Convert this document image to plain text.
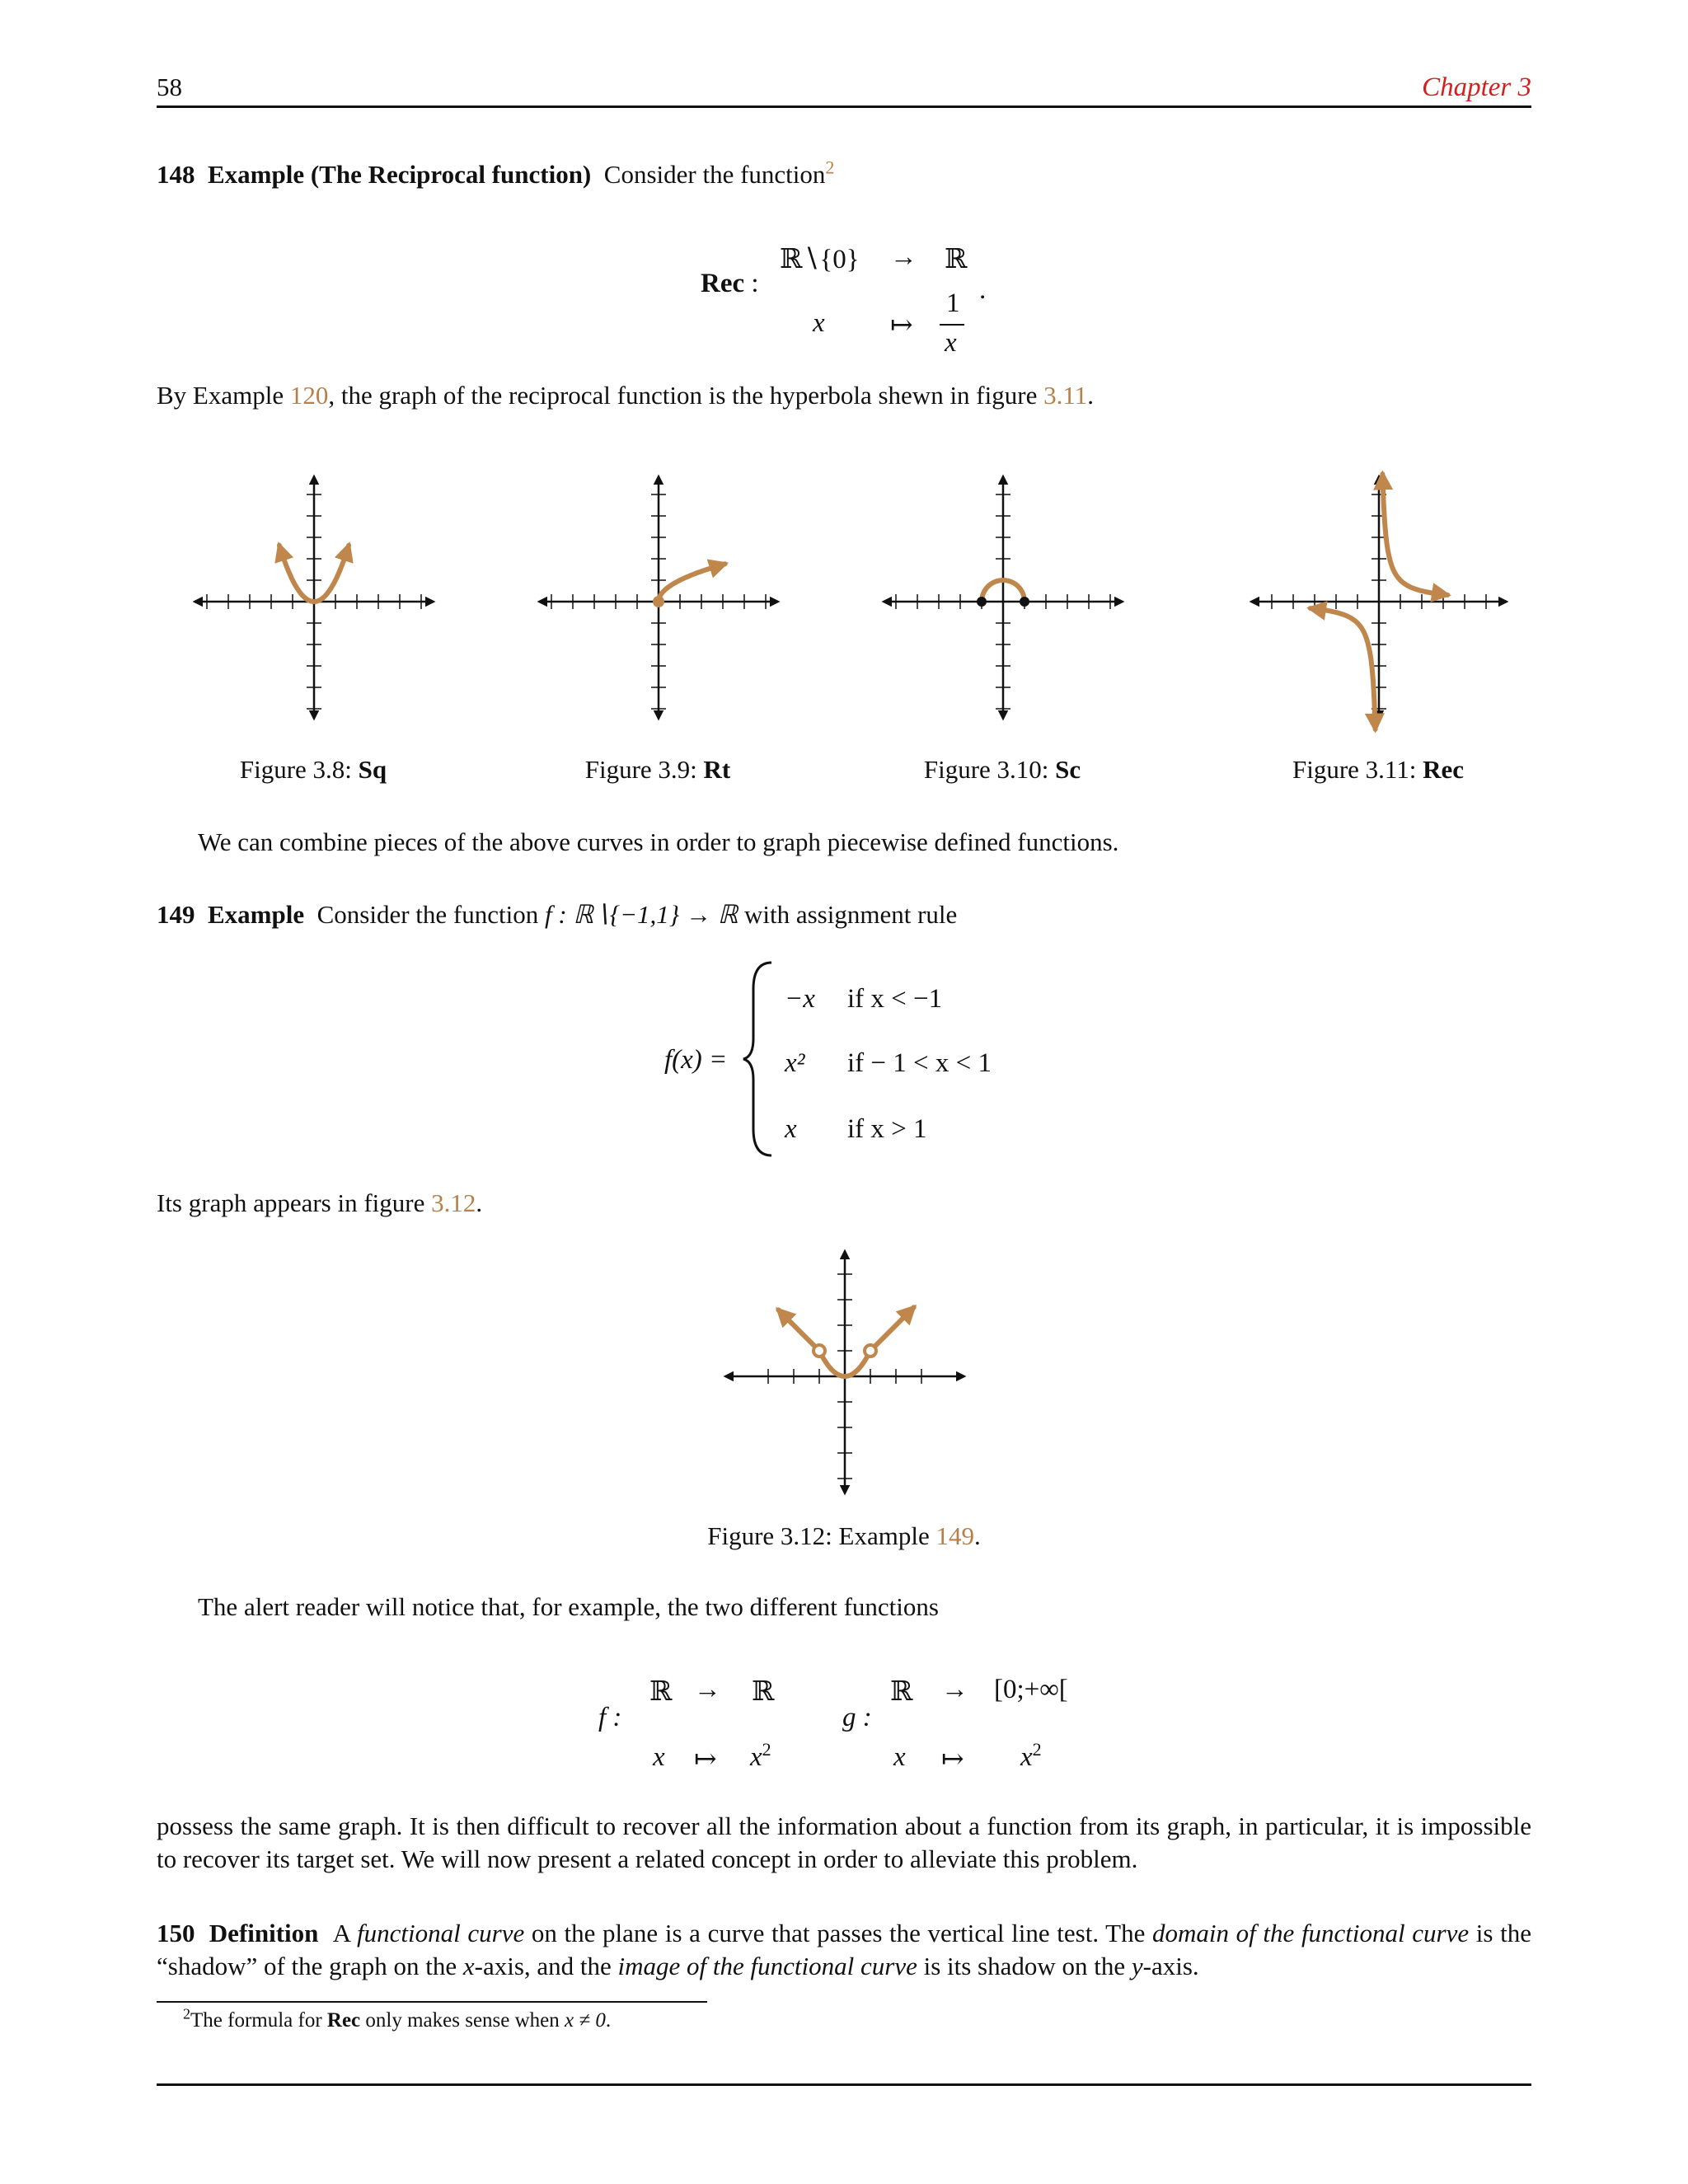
58	Chapter 3
148 Example (The Reciprocal function) Consider the function$^2$
Rec :
ℝ∖{0} → ℝ
x ↦
1
x
.
By Example 120, the graph of the reciprocal function is the hyperbola shewn in figure 3.11.
Figure 3.8: Sq	Figure 3.9: Rt	Figure 3.10: Sc	Figure 3.11: Rec
We can combine pieces of the above curves in order to graph piecewise defined functions.
149 Example Consider the function f : ℝ∖{−1,1} → ℝ with assignment rule
f(x) =
−x if x < −1
x² if − 1 < x < 1
x if x > 1
Its graph appears in figure 3.12.
Figure 3.12: Example 149.
The alert reader will notice that, for example, the two different functions
f :
ℝ → ℝ
x ↦ $x^2$
g :
ℝ → [0;+∞[
x ↦ $x^2$
possess the same graph. It is then difficult to recover all the information about a function from its graph, in particular, it is impossible to recover its target set. We will now present a related concept in order to alleviate this problem.
150 Definition A functional curve on the plane is a curve that passes the vertical line test. The domain of the functional curve is the “shadow” of the graph on the x-axis, and the image of the functional curve is its shadow on the y-axis.
$^2$The formula for Rec only makes sense when x ≠ 0.
